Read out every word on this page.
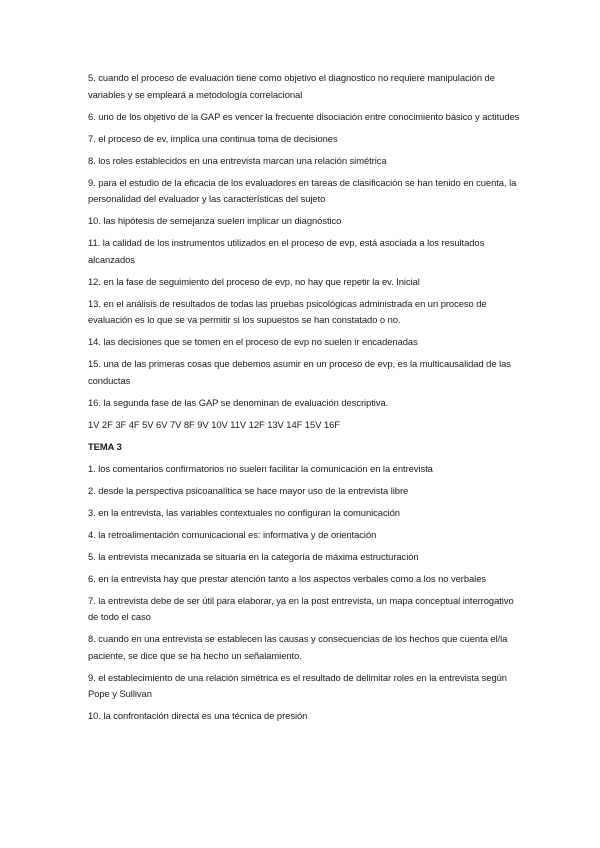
5. cuando el proceso de evaluación tiene como objetivo el diagnostico no requiere manipulación de variables y se empleará a metodología correlacional

6. uno de los objetivo de la GAP es vencer la frecuente disociación entre conocimiento básico y actitudes

7. el proceso de ev, implica una continua toma de decisiones

8. los roles establecidos en una entrevista marcan una relación simétrica

9. para el estudio de la eficacia de los evaluadores en tareas de clasificación se han tenido en cuenta, la personalidad del evaluador y las características del sujeto

10. las hipótesis de semejanza suelen implicar un diagnóstico

11. la calidad de los instrumentos utilizados en el proceso de evp, está asociada a los resultados alcanzados

12. en la fase de seguimiento del proceso de evp, no hay que repetir la ev. Inicial

13. en el análisis de resultados de todas las pruebas psicológicas administrada en un proceso de evaluación es lo que se va permitir si los supuestos se han constatado o no.

14. las decisiones que se tomen en el proceso de evp no suelen ir encadenadas

15. una de las primeras cosas que debemos asumir en un proceso de evp, es la multicausalidad de las conductas

16. la segunda fase de las GAP se denominan de evaluación descriptiva.

1V 2F 3F 4F 5V 6V 7V 8F 9V 10V 11V 12F 13V 14F 15V 16F

TEMA 3

1. los comentarios confirmatorios no suelen facilitar la comunicación en la entrevista

2. desde la perspectiva psicoanalítica se hace mayor uso de la entrevista libre

3. en la entrevista, las variables contextuales no configuran la comunicación

4. la retroalimentación comunicacional es: informativa y de orientación

5. la entrevista mecanizada se situaría en la categoría de máxima estructuración

6. en la entrevista hay que prestar atención tanto a los aspectos verbales como a los no verbales

7. la entrevista debe de ser útil para elaborar, ya en la post entrevista, un mapa conceptual interrogativo de todo el caso

8. cuando en una entrevista se establecen las causas y consecuencias de los hechos que cuenta el/la paciente, se dice que se ha hecho un señalamiento.

9. el establecimiento de una relación simétrica es el resultado de delimitar roles en la entrevista según Pope y Sullivan

10. la confrontación directa es una técnica de presión
